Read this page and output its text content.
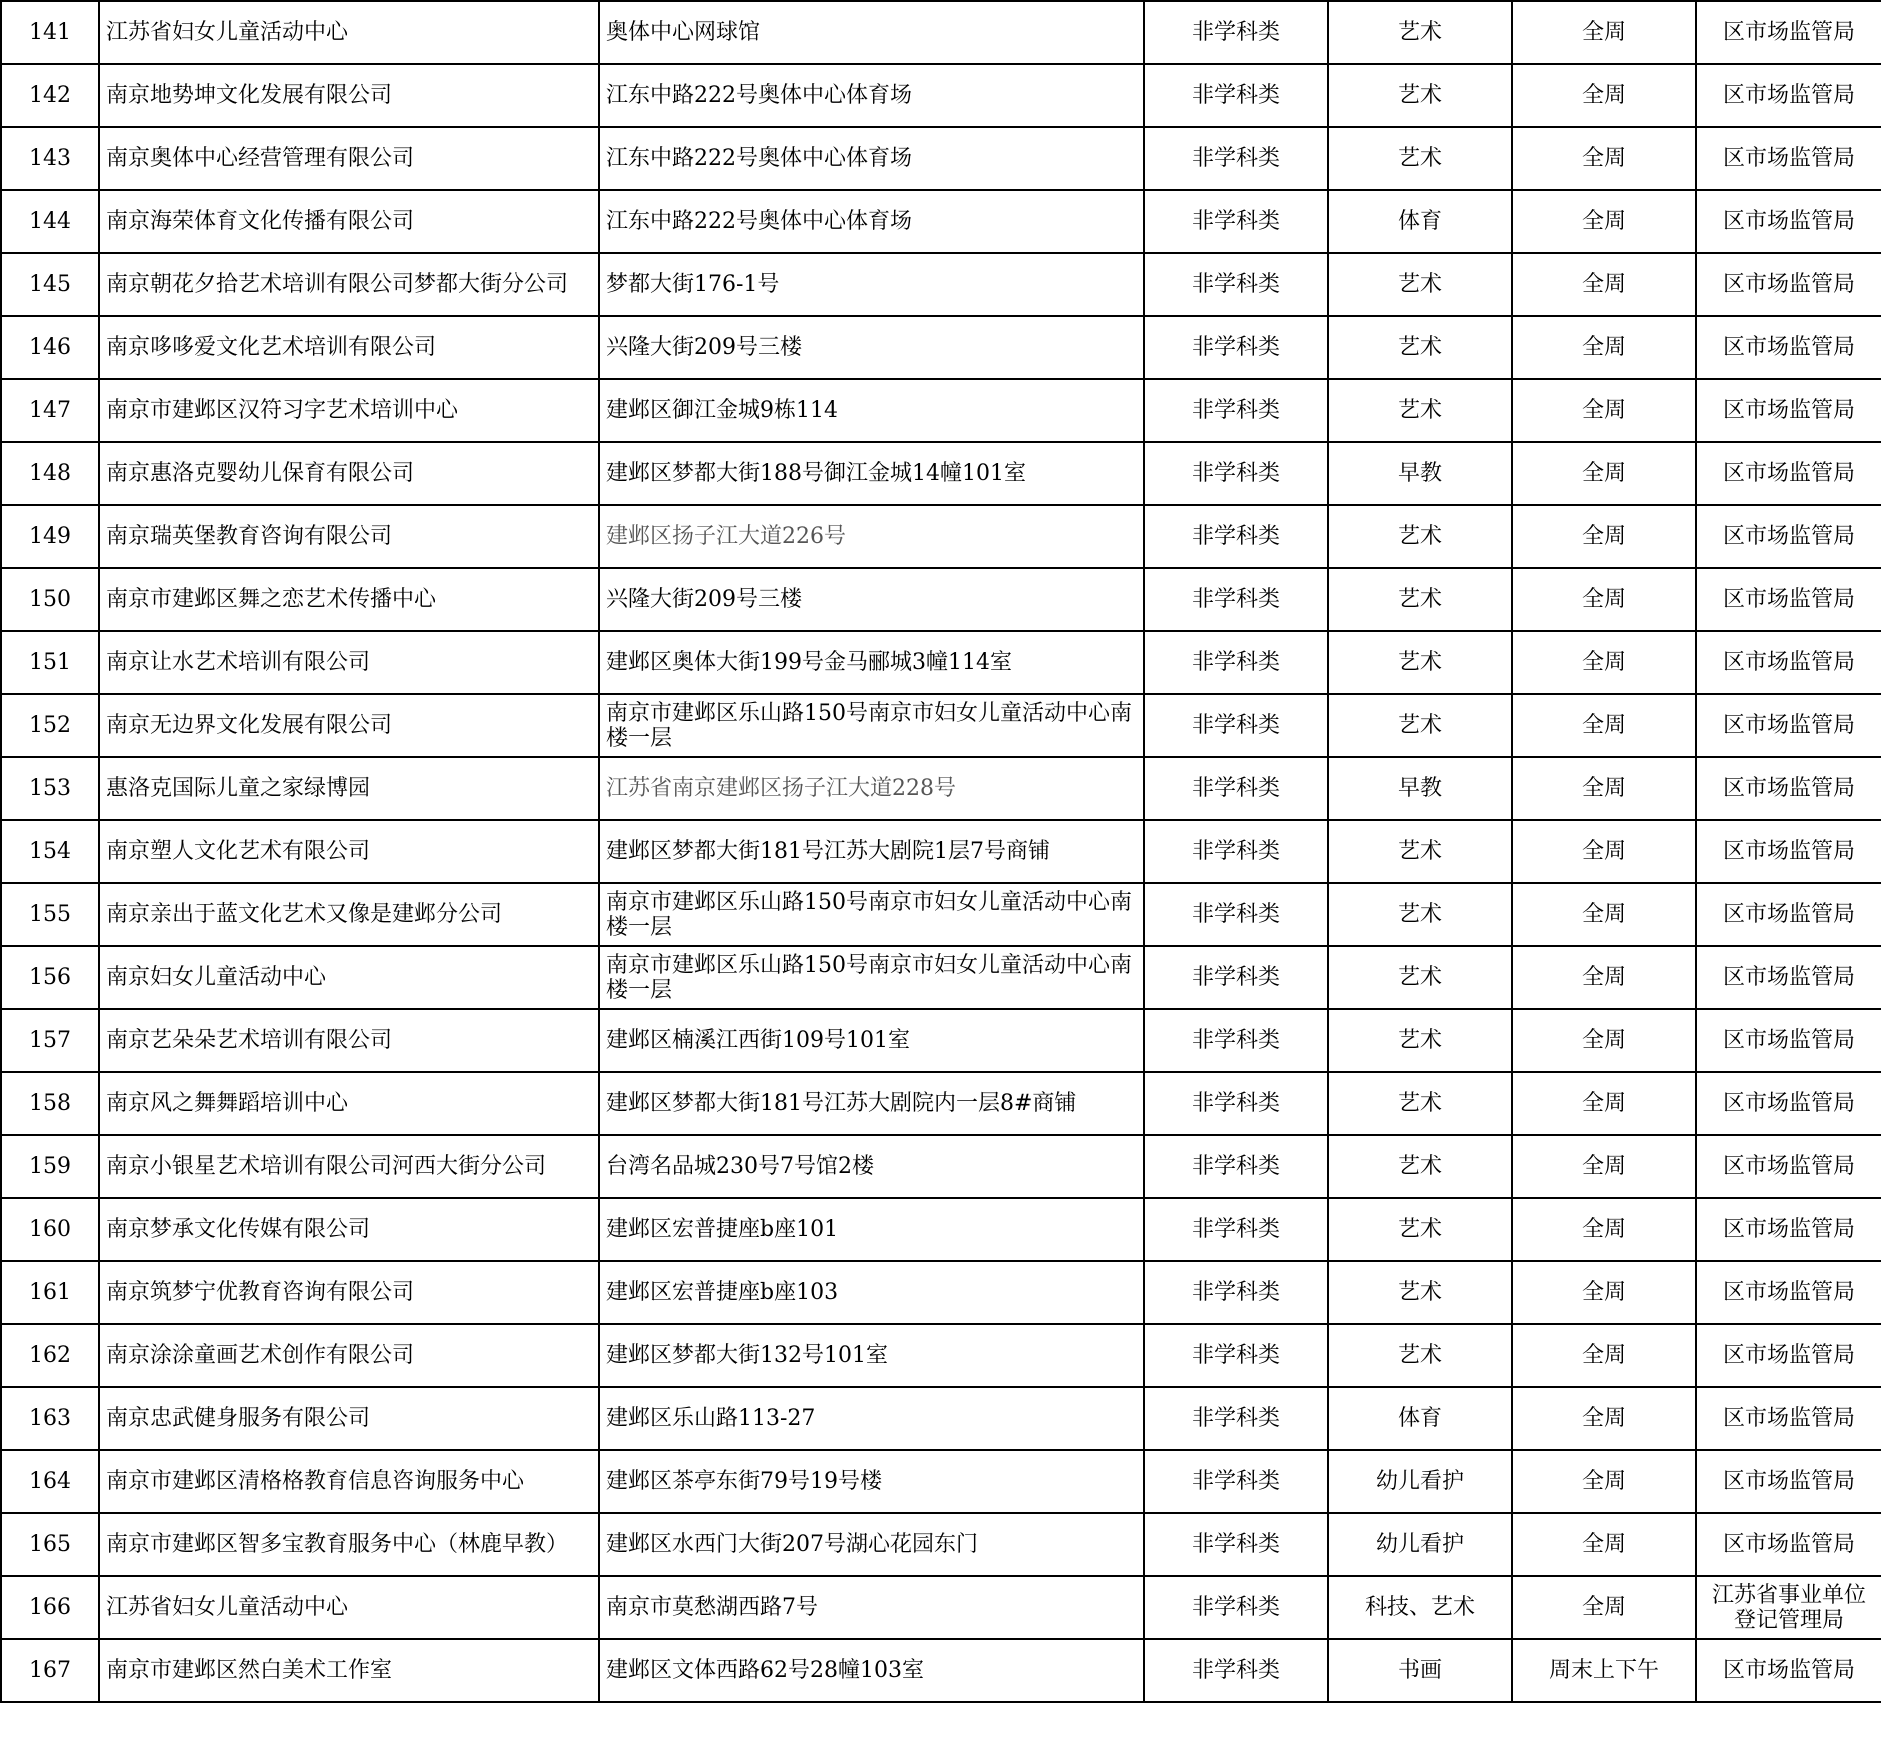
141	江苏省妇女儿童活动中心	奥体中心网球馆	非学科类	艺术	全周	区市场监管局
142	南京地势坤文化发展有限公司	江东中路222号奥体中心体育场	非学科类	艺术	全周	区市场监管局
143	南京奥体中心经营管理有限公司	江东中路222号奥体中心体育场	非学科类	艺术	全周	区市场监管局
144	南京海荣体育文化传播有限公司	江东中路222号奥体中心体育场	非学科类	体育	全周	区市场监管局
145	南京朝花夕拾艺术培训有限公司梦都大街分公司	梦都大街176-1号	非学科类	艺术	全周	区市场监管局
146	南京哆哆爱文化艺术培训有限公司	兴隆大街209号三楼	非学科类	艺术	全周	区市场监管局
147	南京市建邺区汉符习字艺术培训中心	建邺区御江金城9栋114	非学科类	艺术	全周	区市场监管局
148	南京惠洛克婴幼儿保育有限公司	建邺区梦都大街188号御江金城14幢101室	非学科类	早教	全周	区市场监管局
149	南京瑞英堡教育咨询有限公司	建邺区扬子江大道226号	非学科类	艺术	全周	区市场监管局
150	南京市建邺区舞之恋艺术传播中心	兴隆大街209号三楼	非学科类	艺术	全周	区市场监管局
151	南京让水艺术培训有限公司	建邺区奥体大街199号金马郦城3幢114室	非学科类	艺术	全周	区市场监管局
152	南京无边界文化发展有限公司	南京市建邺区乐山路150号南京市妇女儿童活动中心南楼一层	非学科类	艺术	全周	区市场监管局
153	惠洛克国际儿童之家绿博园	江苏省南京建邺区扬子江大道228号	非学科类	早教	全周	区市场监管局
154	南京塑人文化艺术有限公司	建邺区梦都大街181号江苏大剧院1层7号商铺	非学科类	艺术	全周	区市场监管局
155	南京亲出于蓝文化艺术又像是建邺分公司	南京市建邺区乐山路150号南京市妇女儿童活动中心南楼一层	非学科类	艺术	全周	区市场监管局
156	南京妇女儿童活动中心	南京市建邺区乐山路150号南京市妇女儿童活动中心南楼一层	非学科类	艺术	全周	区市场监管局
157	南京艺朵朵艺术培训有限公司	建邺区楠溪江西街109号101室	非学科类	艺术	全周	区市场监管局
158	南京风之舞舞蹈培训中心	建邺区梦都大街181号江苏大剧院内一层8#商铺	非学科类	艺术	全周	区市场监管局
159	南京小银星艺术培训有限公司河西大街分公司	台湾名品城230号7号馆2楼	非学科类	艺术	全周	区市场监管局
160	南京梦承文化传媒有限公司	建邺区宏普捷座b座101	非学科类	艺术	全周	区市场监管局
161	南京筑梦宁优教育咨询有限公司	建邺区宏普捷座b座103	非学科类	艺术	全周	区市场监管局
162	南京涂涂童画艺术创作有限公司	建邺区梦都大街132号101室	非学科类	艺术	全周	区市场监管局
163	南京忠武健身服务有限公司	建邺区乐山路113-27	非学科类	体育	全周	区市场监管局
164	南京市建邺区清格格教育信息咨询服务中心	建邺区茶亭东街79号19号楼	非学科类	幼儿看护	全周	区市场监管局
165	南京市建邺区智多宝教育服务中心（林鹿早教）	建邺区水西门大街207号湖心花园东门	非学科类	幼儿看护	全周	区市场监管局
166	江苏省妇女儿童活动中心	南京市莫愁湖西路7号	非学科类	科技、艺术	全周	江苏省事业单位登记管理局
167	南京市建邺区然白美术工作室	建邺区文体西路62号28幢103室	非学科类	书画	周末上下午	区市场监管局
